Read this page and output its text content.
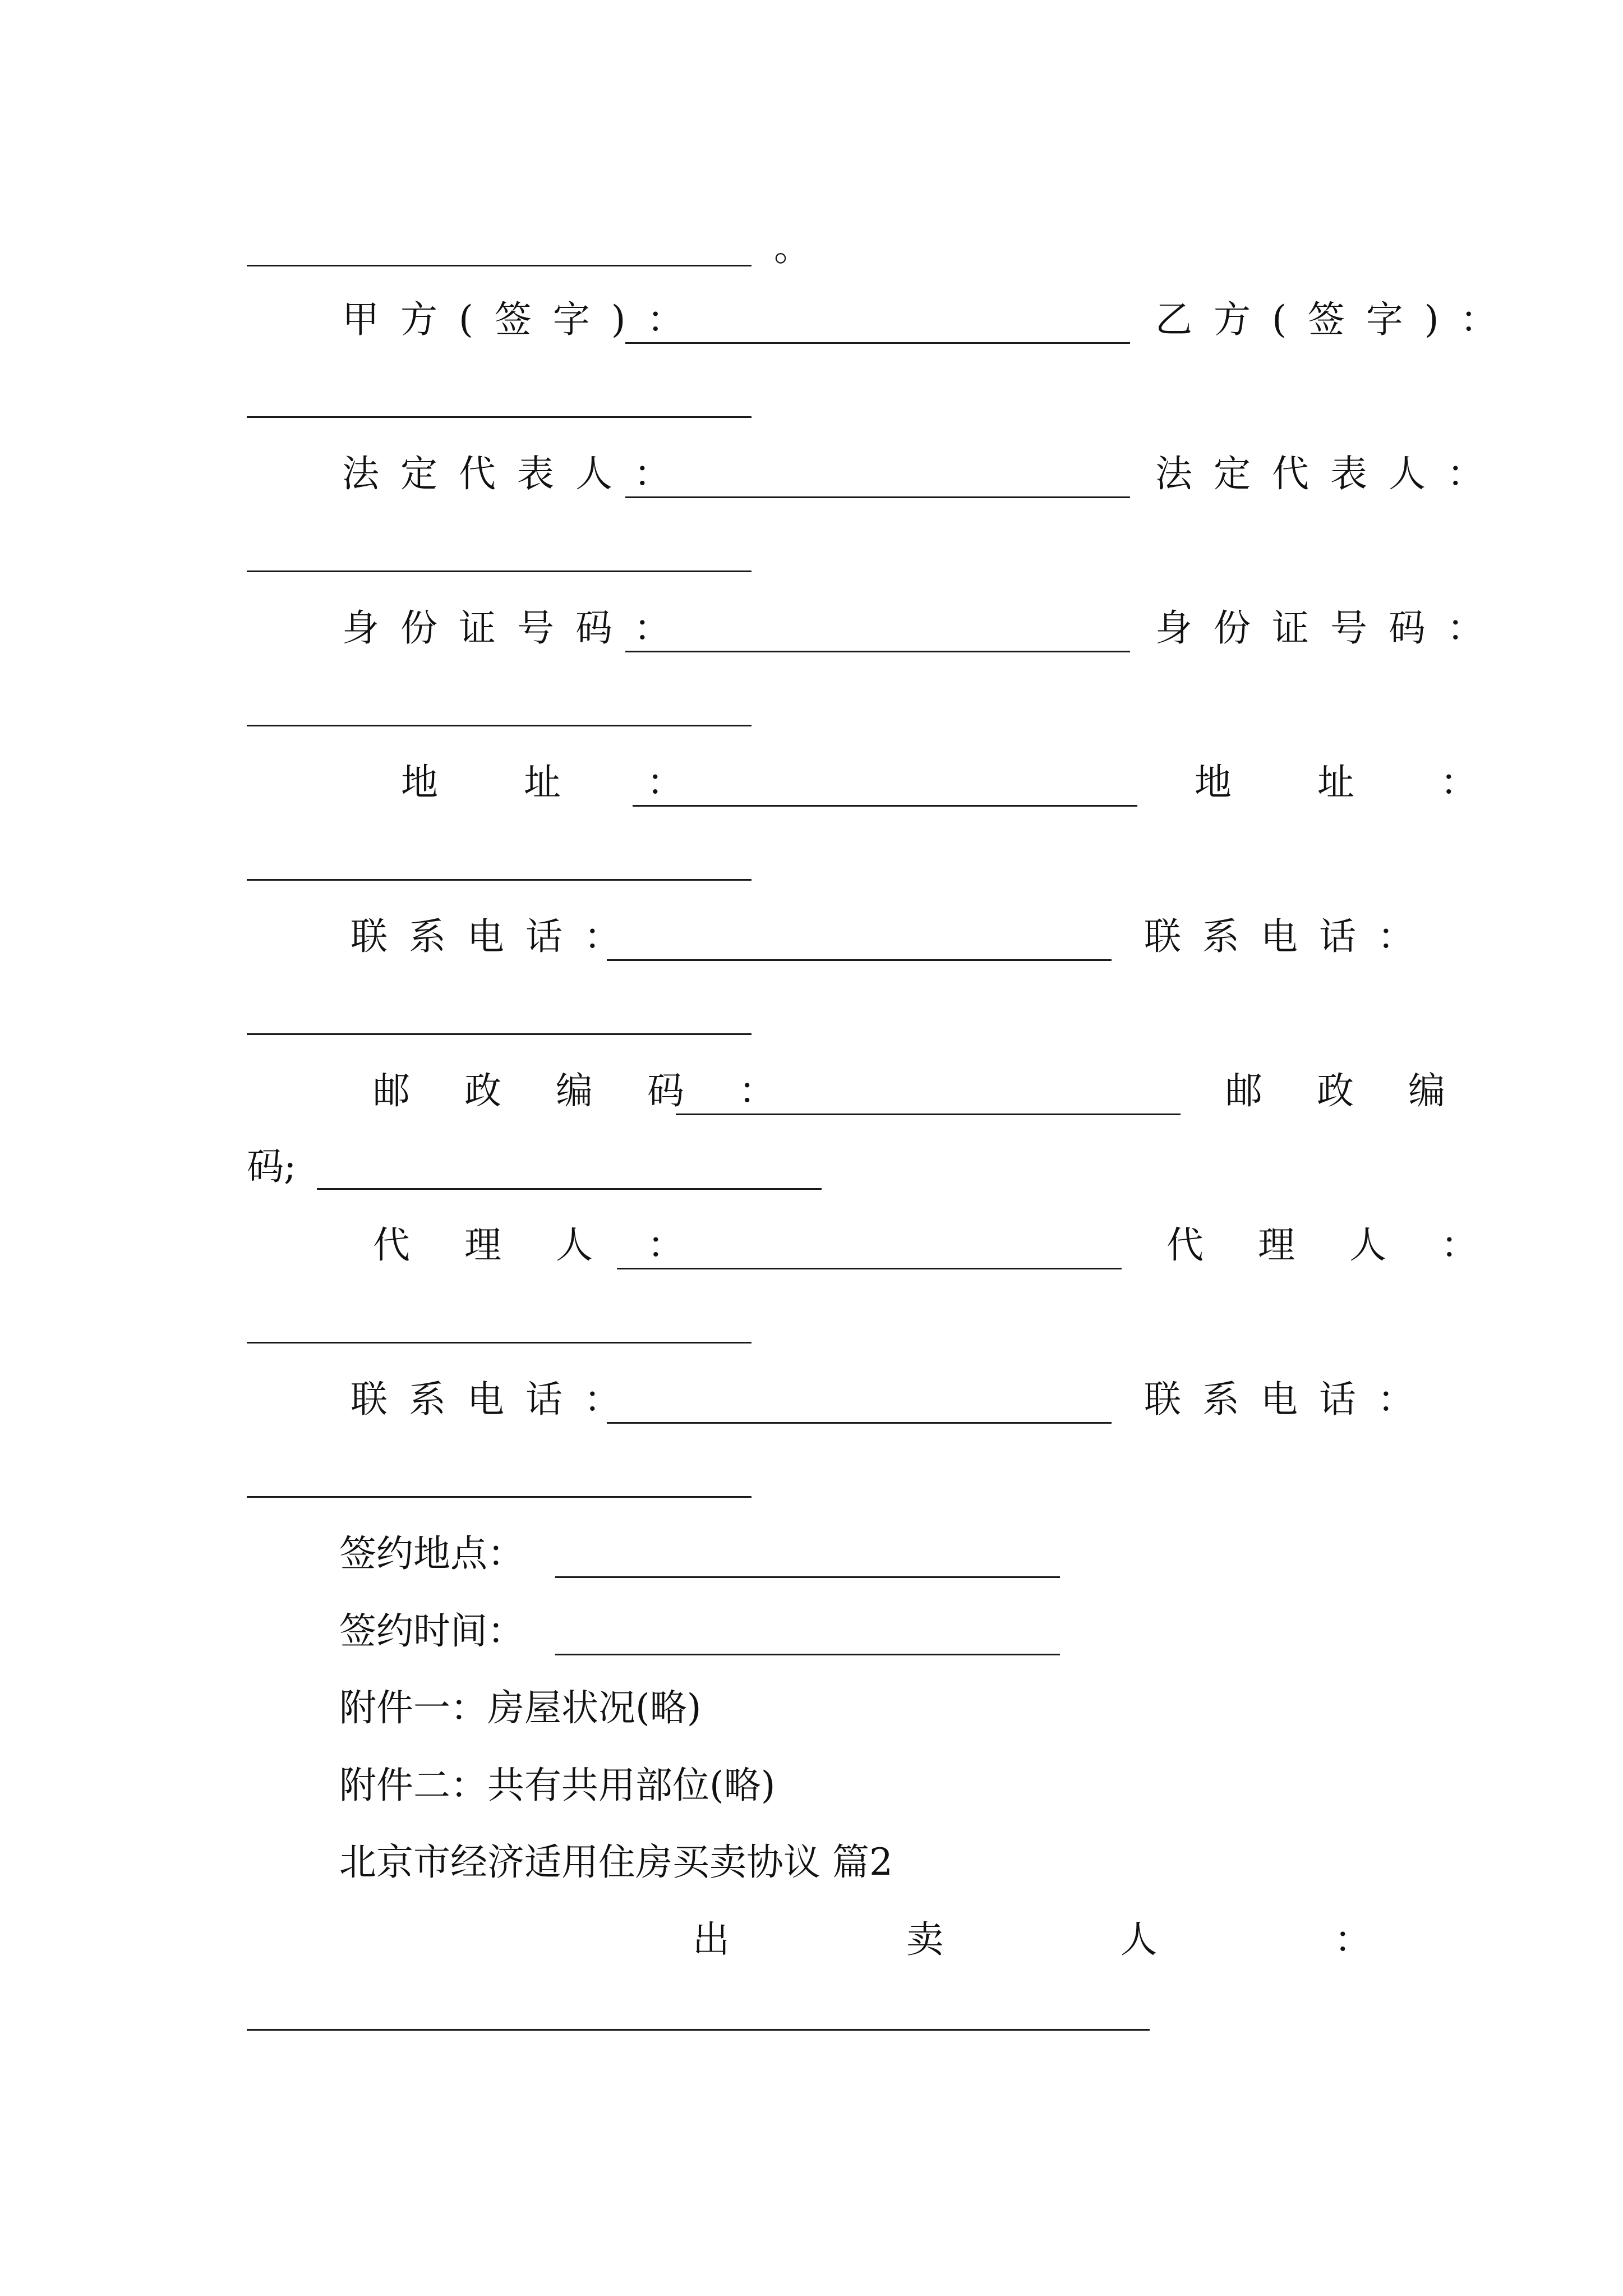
。
甲方(签字)：	乙方(签字)：
法定代表人：	法定代表人：
身份证号码：	身份证号码：
地 址 ：	地 址 ：
联系电话：	联系电话：
邮 政 编 码 ：	邮 政 编
码;
代 理 人 ：	代 理 人 ：
联系电话：	联系电话：
签约地点：
签约时间：
附件一：房屋状况(略)
附件二：共有共用部位(略)
北京市经济适用住房买卖协议 篇2
出	卖	人	：
